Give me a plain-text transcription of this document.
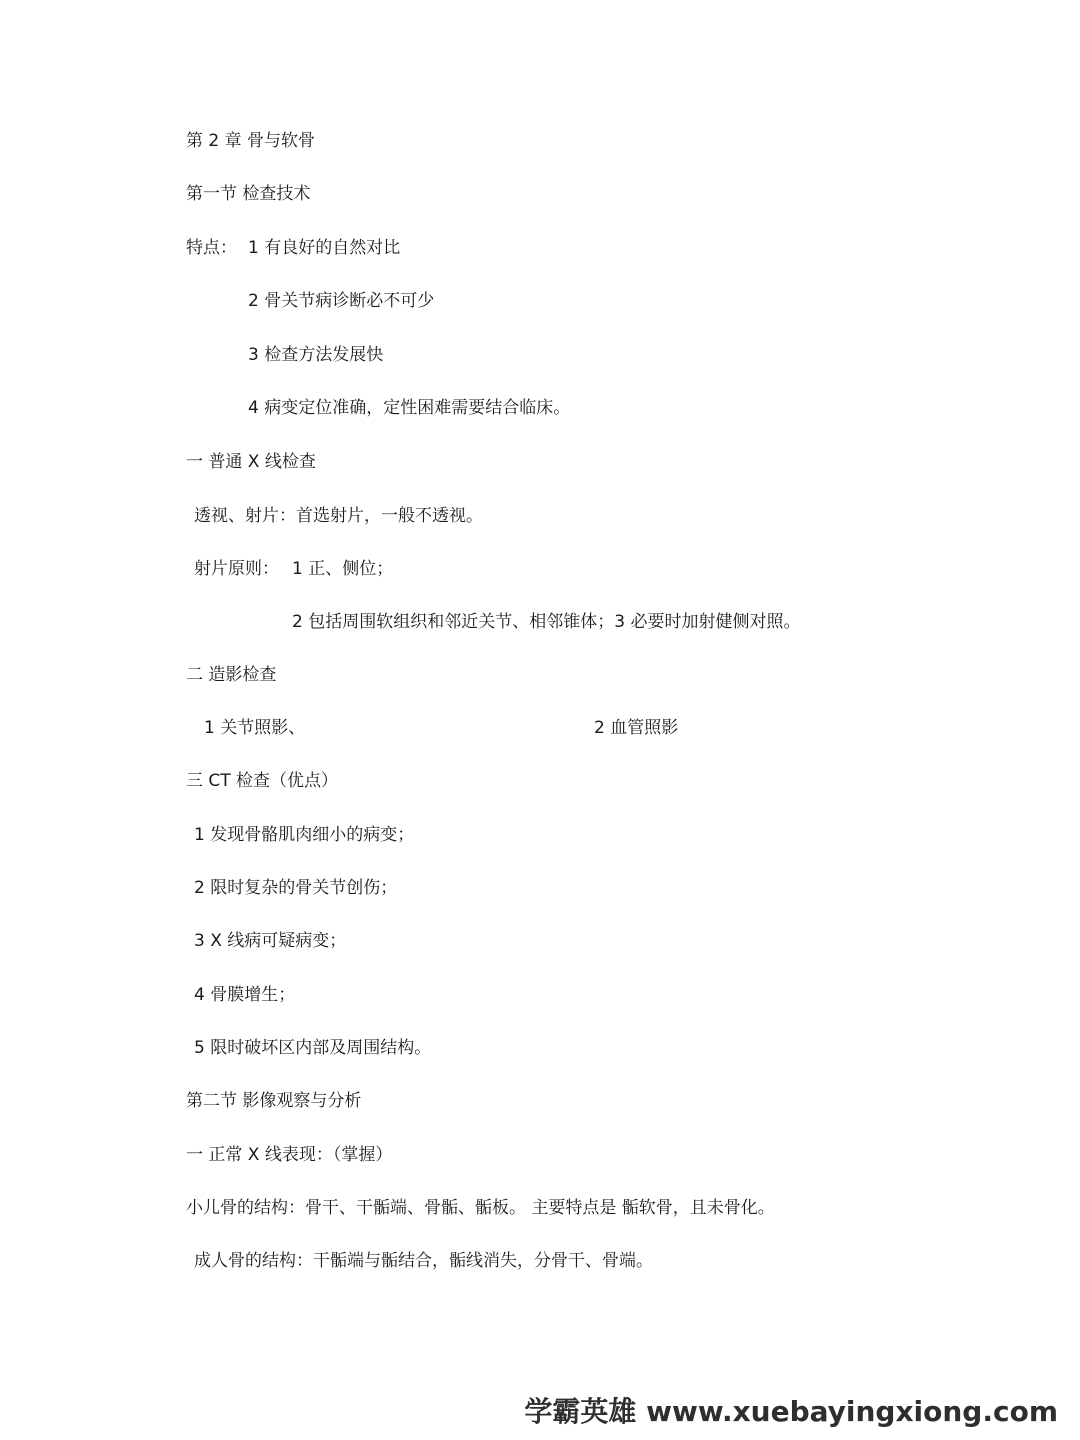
第 2 章 骨与软骨
第一节 检查技术
特点： 1 有良好的自然对比
2 骨关节病诊断必不可少
3 检查方法发展快
4 病变定位准确，定性困难需要结合临床。
一 普通 X 线检查
透视、射片：首选射片，一般不透视。
射片原则： 1 正、侧位；
2 包括周围软组织和邻近关节、相邻锥体；3 必要时加射健侧对照。
二 造影检查
1 关节照影、	2 血管照影
三 CT 检查（优点）
1 发现骨骼肌肉细小的病变；
2 限时复杂的骨关节创伤；
3 X 线病可疑病变；
4 骨膜增生；
5 限时破坏区内部及周围结构。
第二节 影像观察与分析
一 正常 X 线表现：（掌握）
小儿骨的结构：骨干、干骺端、骨骺、骺板。 主要特点是 骺软骨，且未骨化。
成人骨的结构：干骺端与骺结合，骺线消失，分骨干、骨端。
学霸英雄 www.xuebayingxiong.com
